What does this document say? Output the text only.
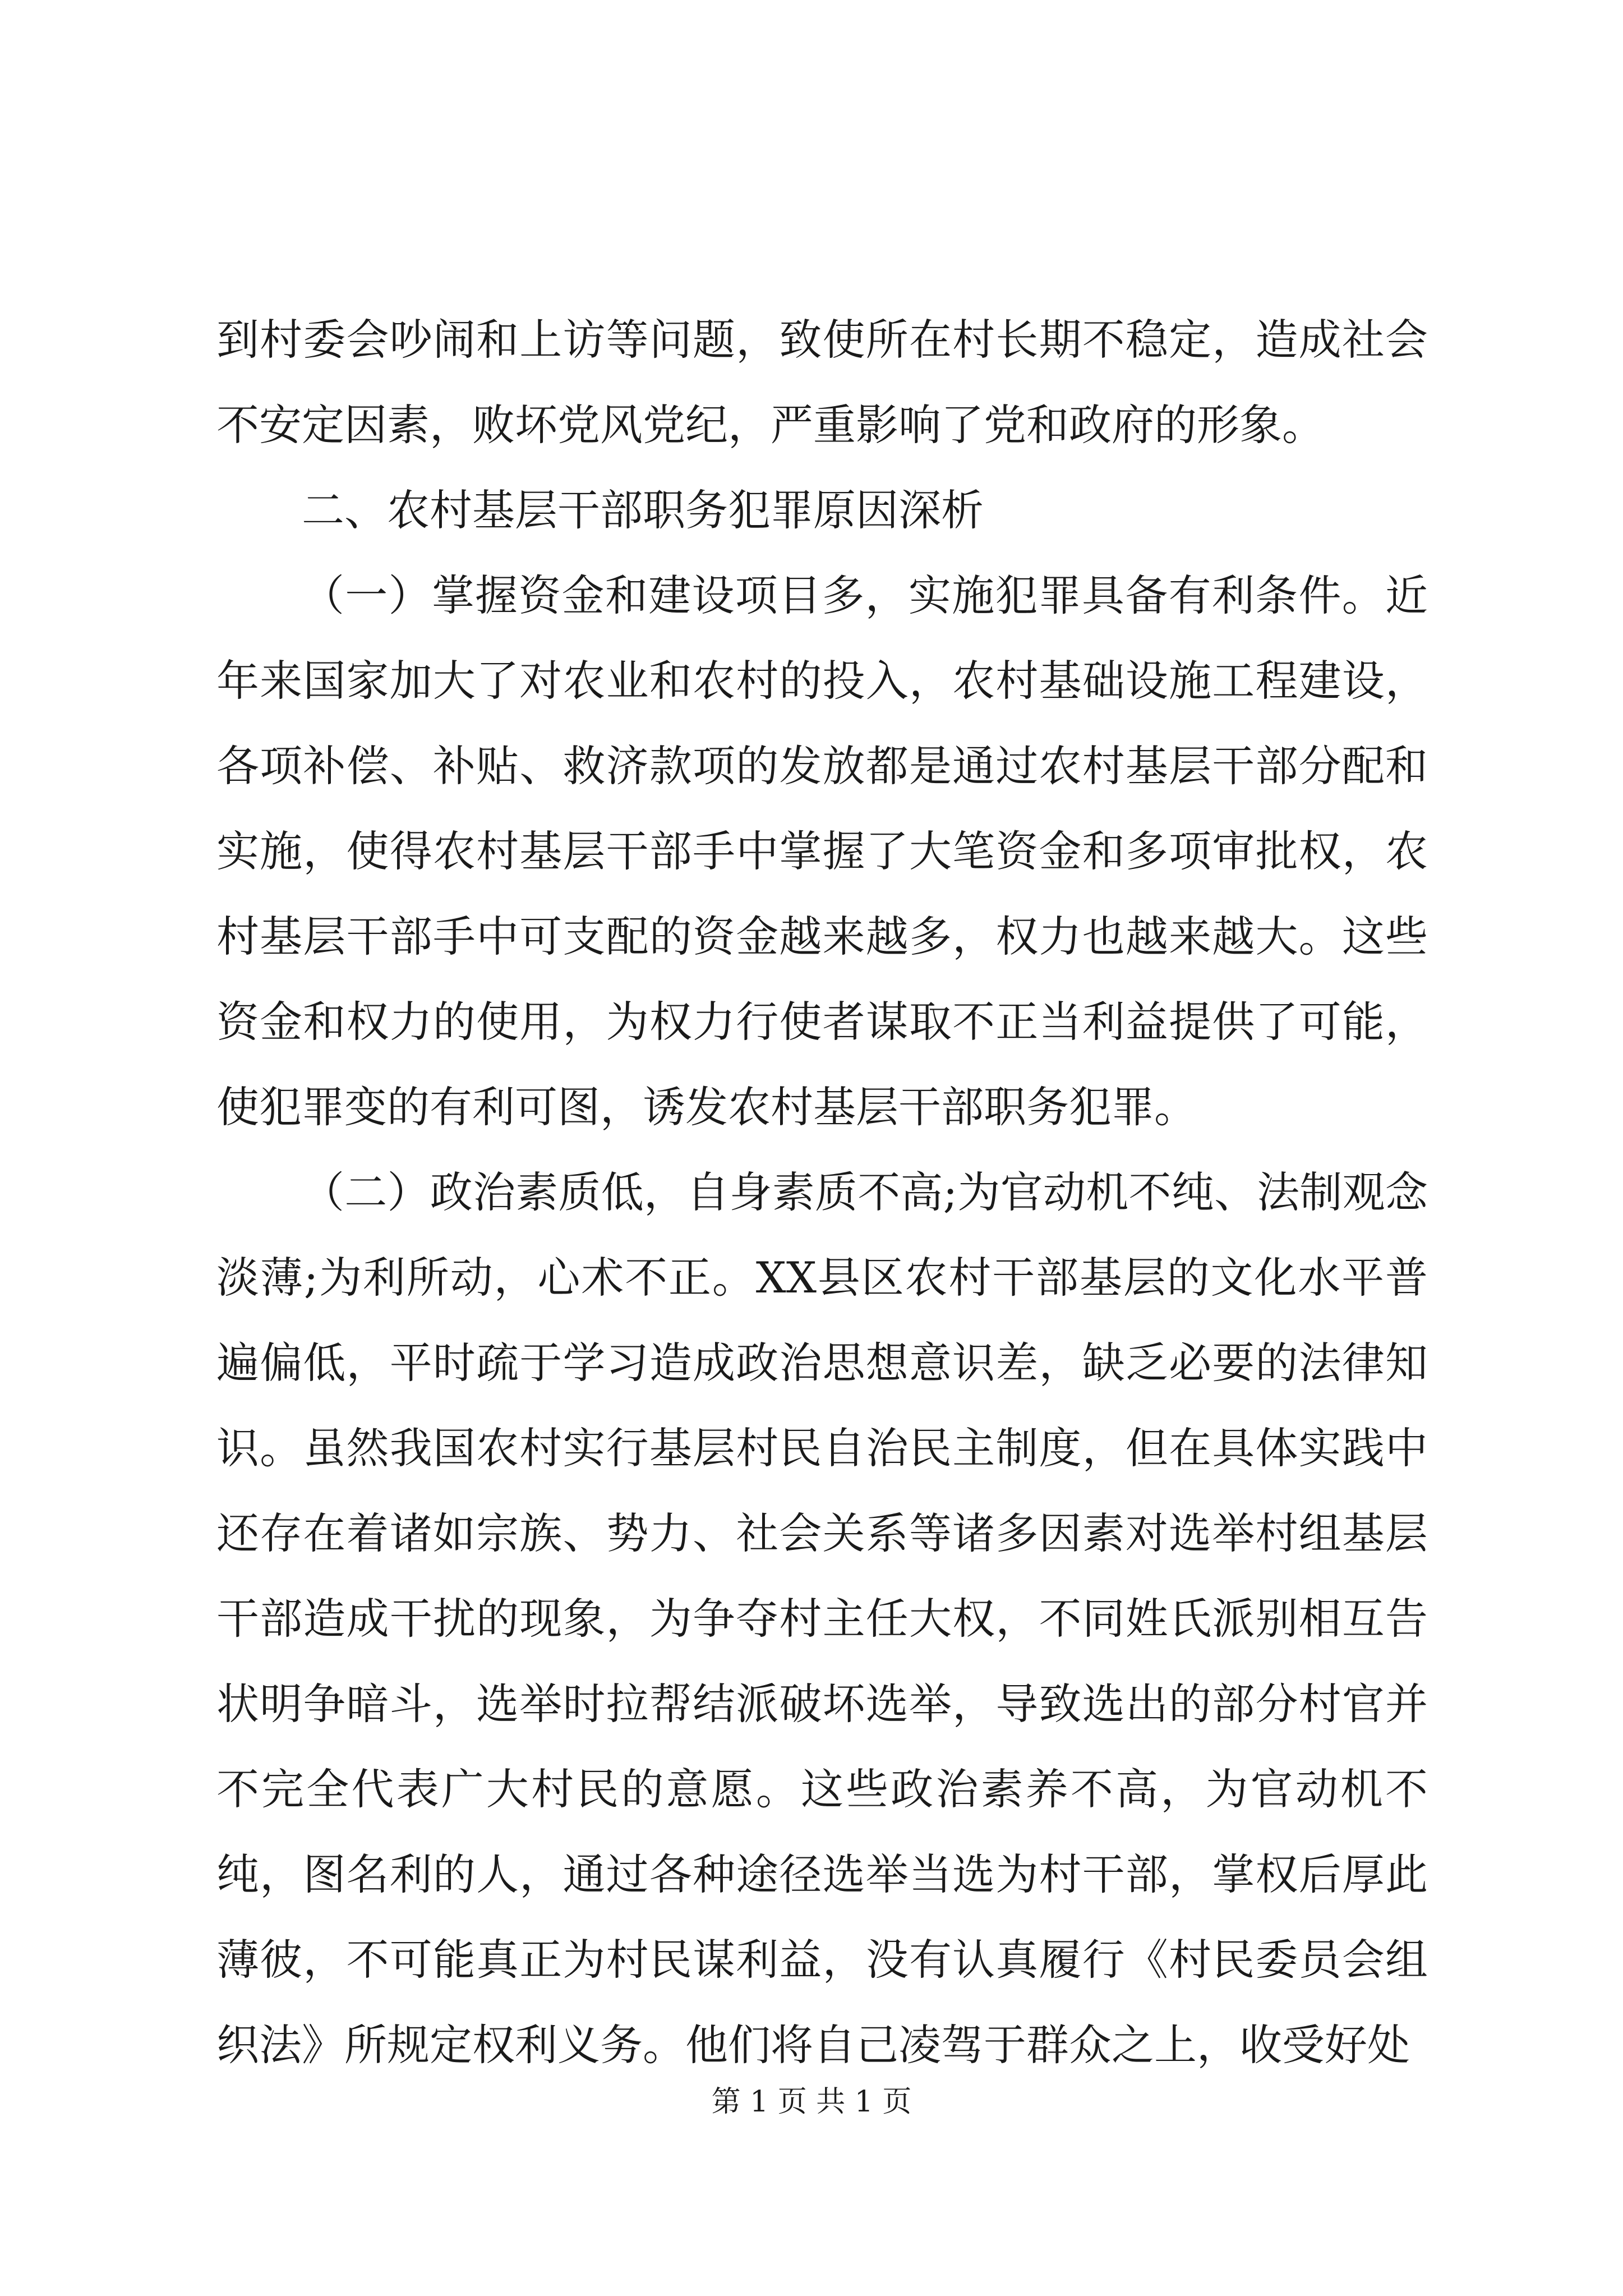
到村委会吵闹和上访等问题，致使所在村长期不稳定，造成社会不安定因素，败坏党风党纪，严重影响了党和政府的形象。

二、农村基层干部职务犯罪原因深析

（一）掌握资金和建设项目多，实施犯罪具备有利条件。近年来国家加大了对农业和农村的投入，农村基础设施工程建设，各项补偿、补贴、救济款项的发放都是通过农村基层干部分配和实施，使得农村基层干部手中掌握了大笔资金和多项审批权，农村基层干部手中可支配的资金越来越多，权力也越来越大。这些资金和权力的使用，为权力行使者谋取不正当利益提供了可能，使犯罪变的有利可图，诱发农村基层干部职务犯罪。

（二）政治素质低，自身素质不高;为官动机不纯、法制观念淡薄;为利所动，心术不正。XX县区农村干部基层的文化水平普遍偏低，平时疏于学习造成政治思想意识差，缺乏必要的法律知识。虽然我国农村实行基层村民自治民主制度，但在具体实践中还存在着诸如宗族、势力、社会关系等诸多因素对选举村组基层干部造成干扰的现象，为争夺村主任大权，不同姓氏派别相互告状明争暗斗，选举时拉帮结派破坏选举，导致选出的部分村官并不完全代表广大村民的意愿。这些政治素养不高，为官动机不纯，图名利的人，通过各种途径选举当选为村干部，掌权后厚此薄彼，不可能真正为村民谋利益，没有认真履行《村民委员会组织法》所规定权利义务。他们将自己凌驾于群众之上，收受好处

第 1 页 共 1 页
